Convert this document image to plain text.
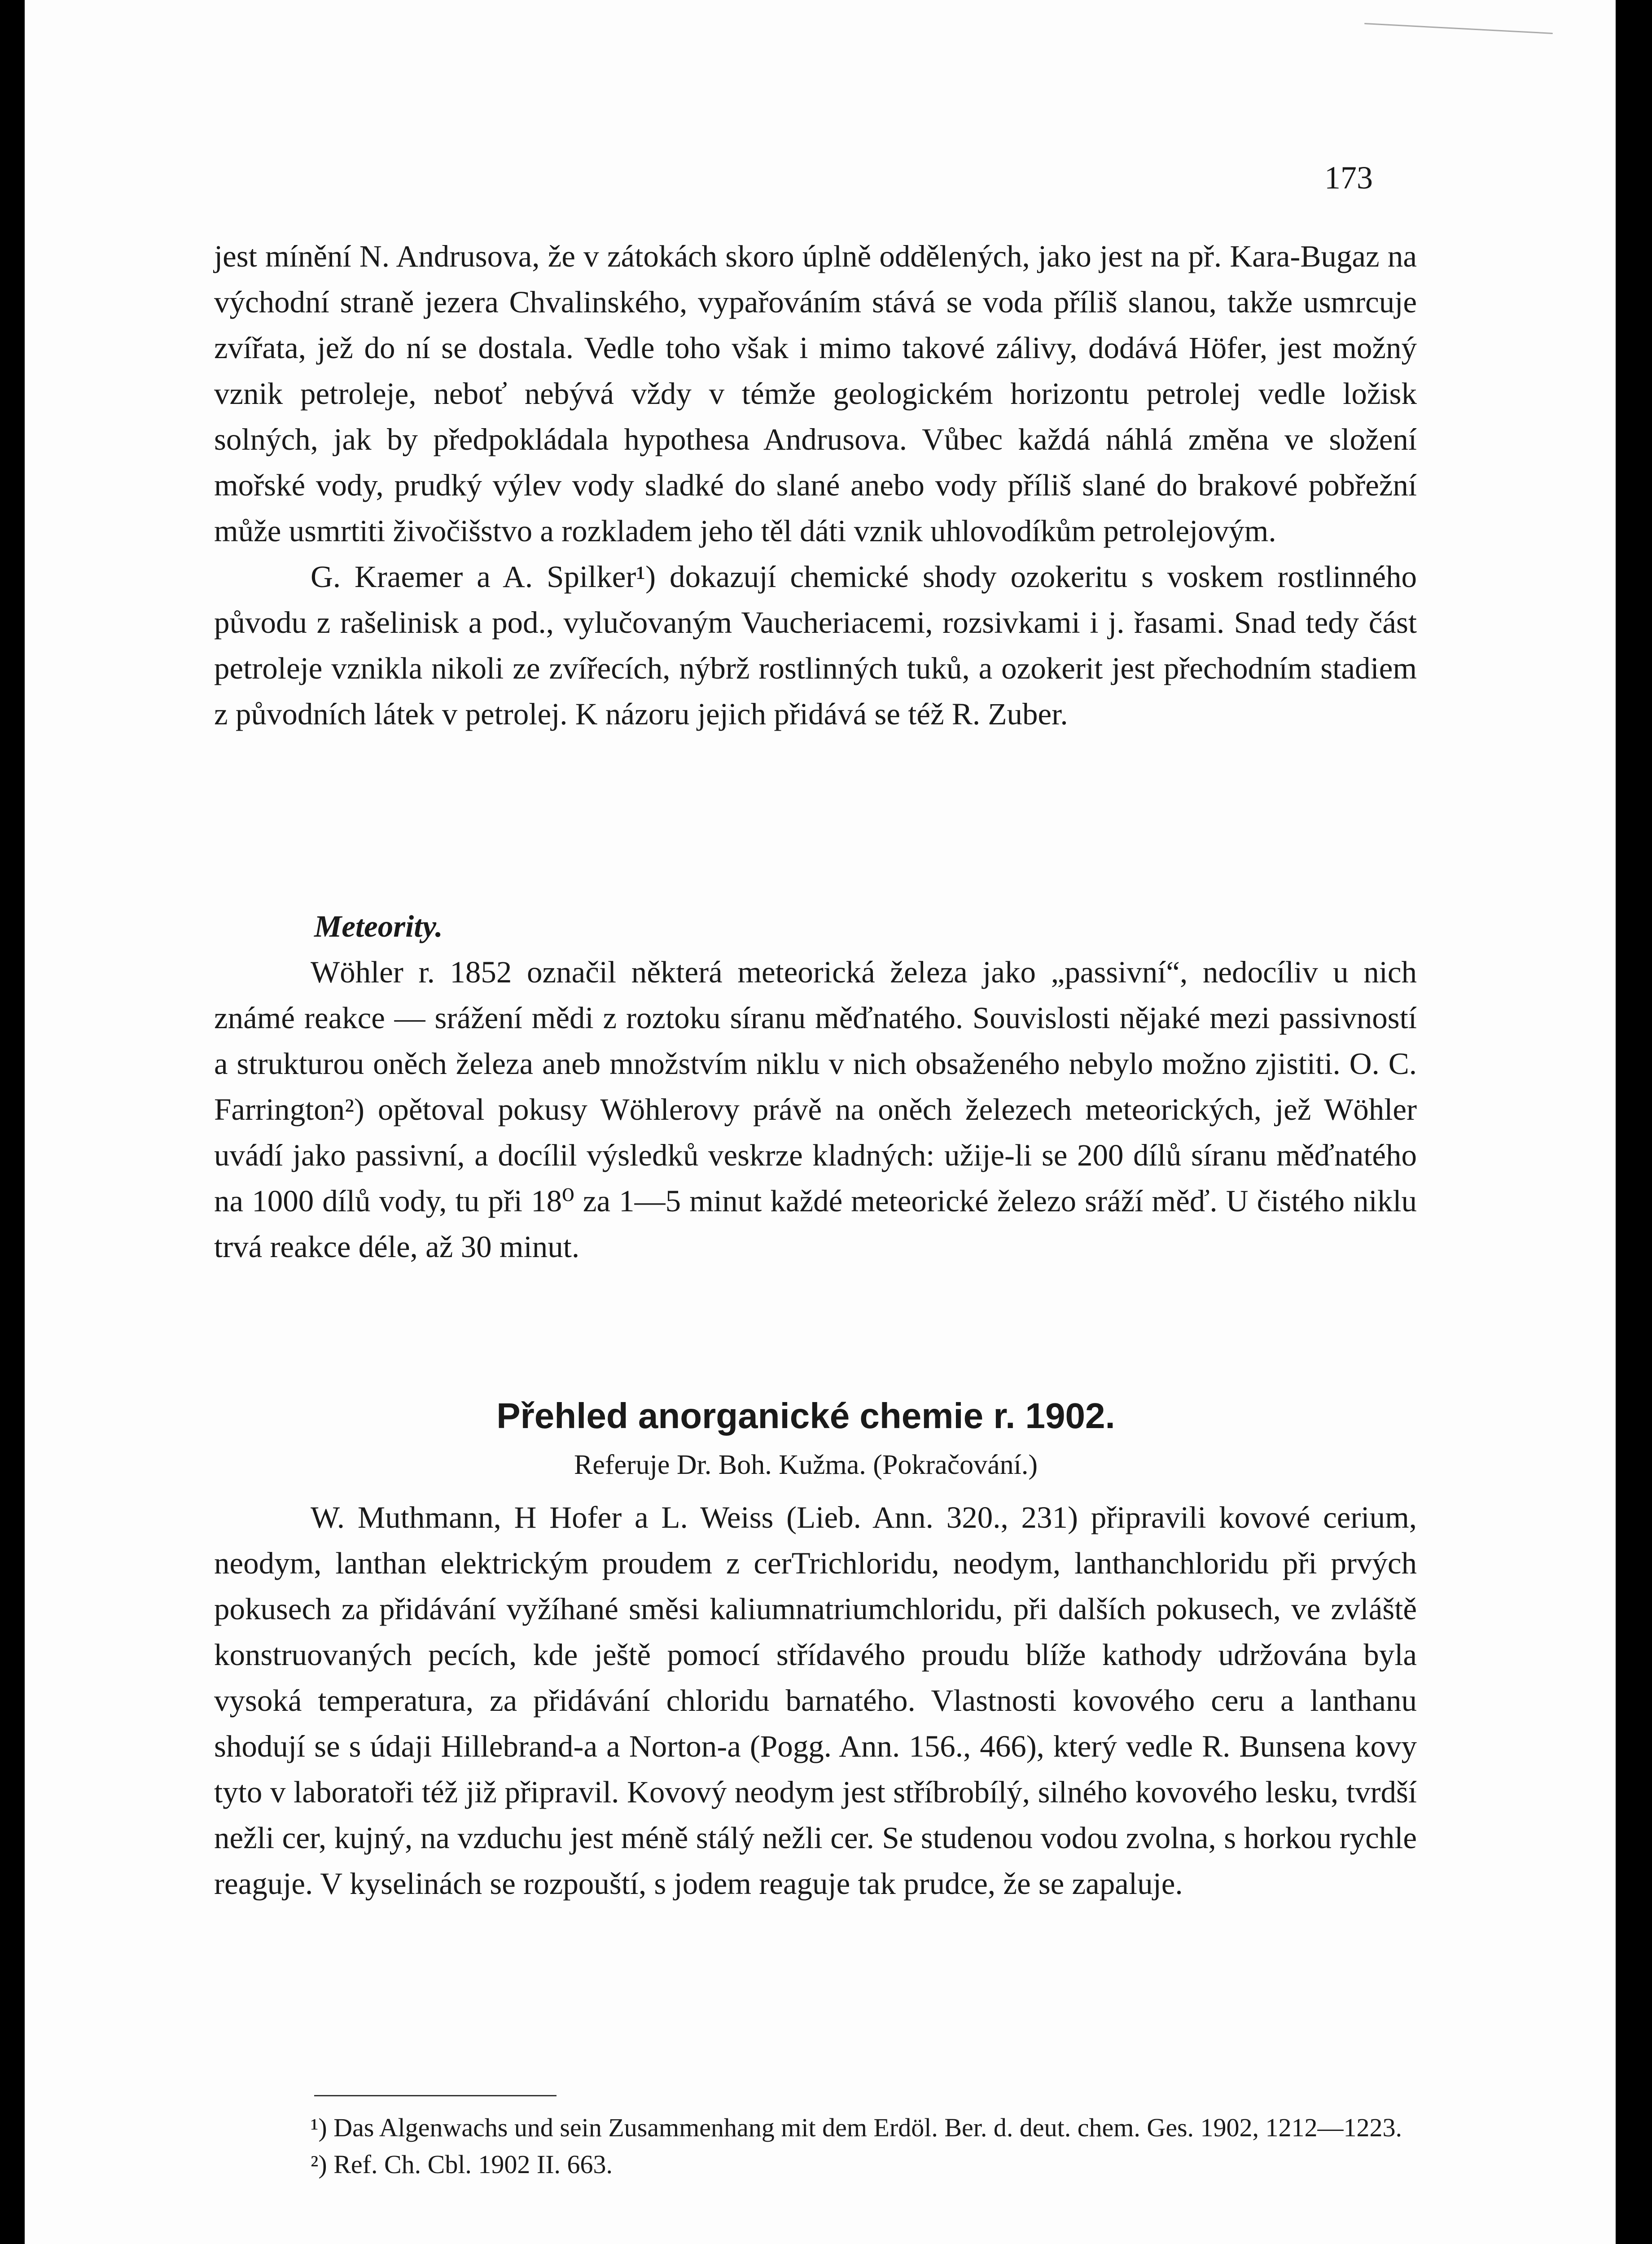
173

jest mínění N. Andrusova, že v zátokách skoro úplně oddělených, jako jest na př. Kara-Bugaz na východní straně jezera Chvalinského, vypařováním stává se voda příliš slanou, takže usmrcuje zvířata, jež do ní se dostala. Vedle toho však i mimo takové zálivy, dodává Höfer, jest možný vznik petroleje, neboť nebývá vždy v témže geologickém horizontu petrolej vedle ložisk solných, jak by předpokládala hypothesa Andrusova. Vůbec každá náhlá změna ve složení mořské vody, prudký výlev vody sladké do slané anebo vody příliš slané do brakové pobřežní může usmrtiti živočišstvo a rozkladem jeho těl dáti vznik uhlovodíkům petrolejovým.

G. Kraemer a A. Spilker¹) dokazují chemické shody ozokeritu s voskem rostlinného původu z rašelinisk a pod., vylučovaným Vaucheriacemi, rozsivkami i j. řasami. Snad tedy část petroleje vznikla nikoli ze zvířecích, nýbrž rostlinných tuků, a ozokerit jest přechodním stadiem z původních látek v petrolej. K názoru jejich přidává se též R. Zuber.

Meteority.

Wöhler r. 1852 označil některá meteorická železa jako „passivní“, nedocíliv u nich známé reakce — srážení mědi z roztoku síranu měďnatého. Souvislosti nějaké mezi passivností a strukturou oněch železa aneb množstvím niklu v nich obsaženého nebylo možno zjistiti. O. C. Farrington²) opětoval pokusy Wöhlerovy právě na oněch železech meteorických, jež Wöhler uvádí jako passivní, a docílil výsledků veskrze kladných: užije-li se 200 dílů síranu měďnatého na 1000 dílů vody, tu při 18⁰ za 1—5 minut každé meteorické železo sráží měď. U čistého niklu trvá reakce déle, až 30 minut.

Přehled anorganické chemie r. 1902.
Referuje Dr. Boh. Kužma. (Pokračování.)

W. Muthmann, H Hofer a L. Weiss (Lieb. Ann. 320., 231) připravili kovové cerium, neodym, lanthan elektrickým proudem z cerTrichloridu, neodym, lanthanchloridu při prvých pokusech za přidávání vyžíhané směsi kaliumnatriumchloridu, při dalších pokusech, ve zvláště konstruovaných pecích, kde ještě pomocí střídavého proudu blíže kathody udržována byla vysoká temperatura, za přidávání chloridu barnatého. Vlastnosti kovového ceru a lanthanu shodují se s údaji Hillebrand-a a Norton-a (Pogg. Ann. 156., 466), který vedle R. Bunsena kovy tyto v laboratoři též již připravil. Kovový neodym jest stříbrobílý, silného kovového lesku, tvrdší nežli cer, kujný, na vzduchu jest méně stálý nežli cer. Se studenou vodou zvolna, s horkou rychle reaguje. V kyselinách se rozpouští, s jodem reaguje tak prudce, že se zapaluje.

¹) Das Algenwachs und sein Zusammenhang mit dem Erdöl. Ber. d. deut. chem. Ges. 1902, 1212—1223.

²) Ref. Ch. Cbl. 1902 II. 663.
